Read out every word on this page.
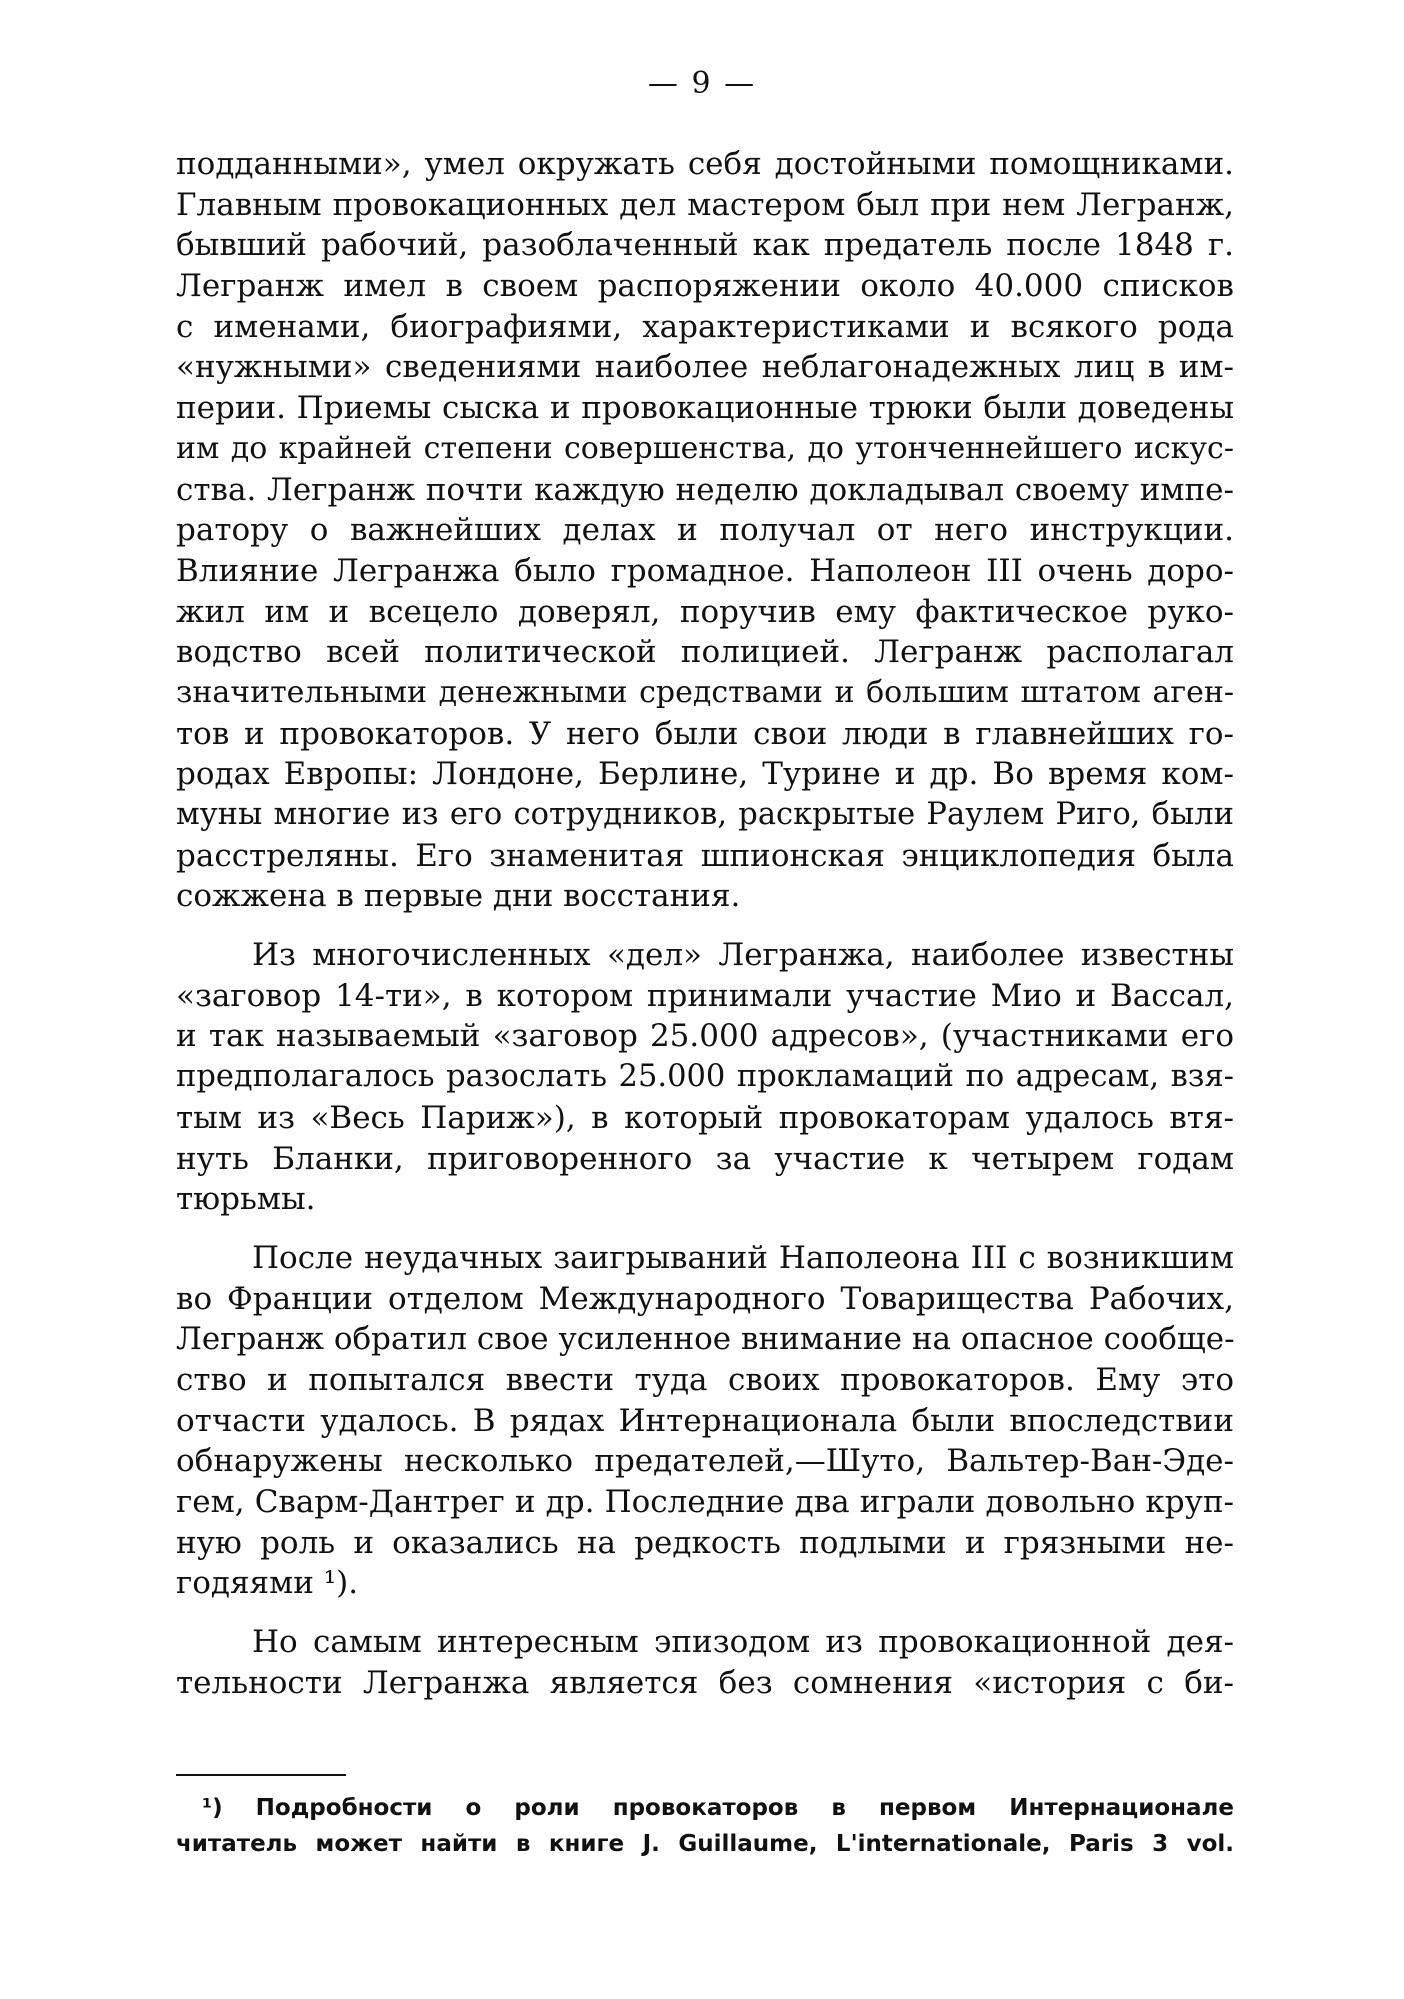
— 9 —
подданными», умел окружать себя достойными помощниками.
Главным провокационных дел мастером был при нем Легранж,
бывший рабочий, разоблаченный как предатель после 1848 г.
Легранж имел в своем распоряжении около 40.000 списков
с именами, биографиями, характеристиками и всякого рода
«нужными» сведениями наиболее неблагонадежных лиц в им-
перии. Приемы сыска и провокационные трюки были доведены
им до крайней степени совершенства, до утонченнейшего искус-
ства. Легранж почти каждую неделю докладывал своему импе-
ратору о важнейших делах и получал от него инструкции.
Влияние Легранжа было громадное. Наполеон III очень доро-
жил им и всецело доверял, поручив ему фактическое руко-
водство всей политической полицией. Легранж располагал
значительными денежными средствами и большим штатом аген-
тов и провокаторов. У него были свои люди в главнейших го-
родах Европы: Лондоне, Берлине, Турине и др. Во время ком-
муны многие из его сотрудников, раскрытые Раулем Риго, были
расстреляны. Его знаменитая шпионская энциклопедия была
сожжена в первые дни восстания.
Из многочисленных «дел» Легранжа, наиболее известны
«заговор 14-ти», в котором принимали участие Мио и Вассал,
и так называемый «заговор 25.000 адресов», (участниками его
предполагалось разослать 25.000 прокламаций по адресам, взя-
тым из «Весь Париж»), в который провокаторам удалось втя-
нуть Бланки, приговоренного за участие к четырем годам
тюрьмы.
После неудачных заигрываний Наполеона III с возникшим
во Франции отделом Международного Товарищества Рабочих,
Легранж обратил свое усиленное внимание на опасное сообще-
ство и попытался ввести туда своих провокаторов. Ему это
отчасти удалось. В рядах Интернационала были впоследствии
обнаружены несколько предателей,—Шуто, Вальтер-Ван-Эде-
гем, Сварм-Дантрег и др. Последние два играли довольно круп-
ную роль и оказались на редкость подлыми и грязными не-
годяями ¹).
Но самым интересным эпизодом из провокационной дея-
тельности Легранжа является без сомнения «история с би-
¹) Подробности о роли провокаторов в первом Интернационале
читатель может найти в книге J. Guillaume, L'internationale, Paris 3 vol.
